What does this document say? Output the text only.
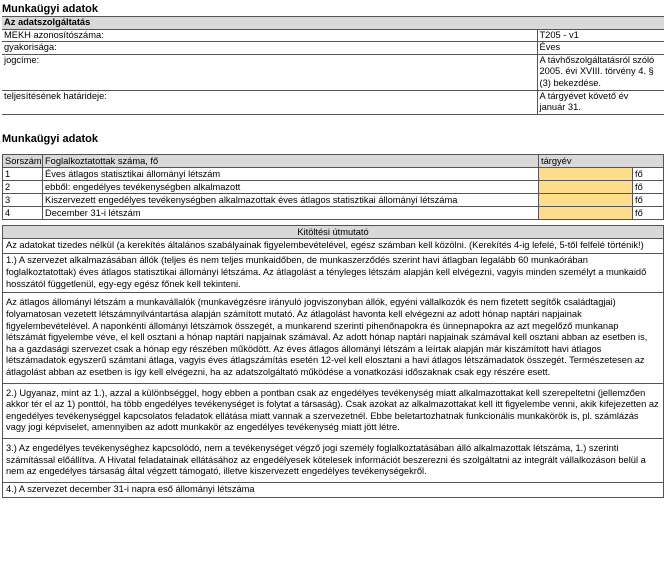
Munkaügyi adatok
Az adatszolgáltatás	
MEKH azonosítószáma:	T205 - v1
gyakorisága:	Éves
jogcíme:	A távhőszolgáltatásról szóló
2005. évi XVIII. törvény 4. §
(3) bekezdése.

teljesítésének határideje:	A tárgyévet követő év
január 31.
Munkaügyi adatok
Sorszám	Foglalkoztatottak száma, fő	tárgyév	
1	Éves átlagos statisztikai állományi létszám		fő
2	ebből: engedélyes tevékenységben alkalmazott		fő
3	Kiszervezett engedélyes tevékenységben alkalmazottak éves átlagos statisztikai állományi létszáma		fő
4	December 31-i létszám		fő
Kitöltési útmutató
Az adatokat tizedes nélkül (a kerekítés általános szabályainak figyelembevételével, egész számban kell közölni. (Kerekítés 4-ig lefelé, 5-től felfelé történik!)
1.) A szervezet alkalmazásában állók (teljes és nem teljes munkaidőben, de munkaszerződés szerint havi átlagban legalább 60 munkaórában foglalkoztatottak) éves átlagos statisztikai állományi létszáma. Az átlagolást a tényleges létszám alapján kell elvégezni, vagyis minden személyt a munkaidő hosszától függetlenül, egy-egy egész főnek kell tekinteni.
Az átlagos állományi létszám a munkavállalók (munkavégzésre irányuló jogviszonyban állók, egyéni vállalkozók és nem fizetett segítők családtagjai) folyamatosan vezetett létszámnyilvántartása alapján számított mutató. Az átlagolást havonta kell elvégezni az adott hónap naptári napjainak figyelembevételével. A naponkénti állományi létszámok összegét, a munkarend szerinti pihenőnapokra és ünnepnapokra az azt megelőző munkanap létszámát figyelembe véve, el kell osztani a hónap naptári napjainak számával. Az adott hónap naptári napjainak számával kell osztani abban az esetben is, ha a gazdasági szervezet csak a hónap egy részében működött. Az éves átlagos állományi létszám a leírtak alapján már kiszámított havi átlagos létszámadatok egyszerű számtani átlaga, vagyis éves átlagszámítás esetén 12-vel kell elosztani a havi átlagos létszámadatok összegét. Természetesen az átlagolást abban az esetben is így kell elvégezni, ha az adatszolgáltató működése a vonatkozási időszaknak csak egy részére esett.
2.) Ugyanaz, mint az 1.), azzal a különbséggel, hogy ebben a pontban csak az engedélyes tevékenység miatt alkalmazottakat kell szerepeltetni (jellemzően akkor tér el az 1) ponttól, ha több engedélyes tevékenységet is folytat a társaság). Csak azokat az alkalmazottakat kell itt figyelembe venni, akik kifejezetten az engedélyes tevékenységgel kapcsolatos feladatok ellátása miatt vannak a szervezetnél. Ebbe beletartozhatnak funkcionális munkakörök is, pl. számlázás vagy jogi képviselet, amennyiben az adott munkakör az engedélyes tevékenység miatt jött létre.
3.) Az engedélyes tevékenységhez kapcsolódó, nem a tevékenységet végző jogi személy foglalkoztatásában álló alkalmazottak létszáma, 1.) szerinti számítással előállítva. A Hivatal feladatainak ellátásához az engedélyesek kötelesek információt beszerezni és szolgáltatni az integrált vállalkozáson belül a nem az engedélyes társaság által végzett támogató, illetve kiszervezett engedélyes tevékenységekről.
4.) A szervezet december 31-i napra eső állományi létszáma
